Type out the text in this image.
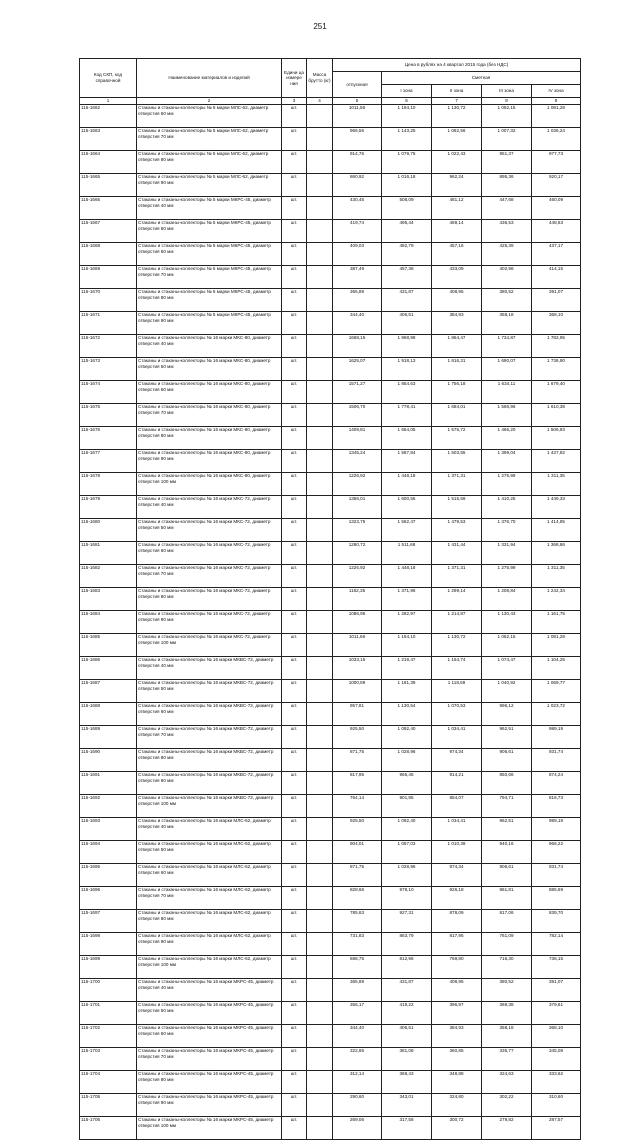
251
Код СКП, код справочной	Наименование материалов и изделий	Едини ца измере ния	Масса брутто (кг)	Цена в рублях на 4 квартал 2015 года (без НДС)				
				отпускная	Сметная			
					I зона	II зона	III зона	IV зона
1	2	3	4	5	6	7	8	9
115-1662	Стаканы и стаканы-коллекторы № 5 марки МЛС-62, диаметр отверстия 60 мм	шт.		1011,56	1 194,10	1 130,72	1 052,15	1 081,28
115-1663	Стаканы и стаканы-коллекторы № 5 марки МЛС-62, диаметр отверстия 70 мм	шт.		966,56	1 143,25	1 082,56	1 007,32	1 036,24
115-1664	Стаканы и стаканы-коллекторы № 5 марки МЛС-62, диаметр отверстия 80 мм	шт.		914,76	1 079,75	1 022,43	951,37	977,73
115-1665	Стаканы и стаканы-коллекторы № 5 марки МЛС-62, диаметр отверстия 90 мм	шт.		860,92	1 016,18	962,24	895,36	920,17
115-1666	Стаканы и стаканы-коллекторы № 5 марки МКРС-45, диаметр отверстия 40 мм	шт.		430,46	508,09	481,12	447,68	460,09
115-1667	Стаканы и стаканы-коллекторы № 5 марки МКРС-45, диаметр отверстия 50 мм	шт.		419,74	495,44	469,14	436,53	448,63
115-1668	Стаканы и стаканы-коллекторы № 5 марки МКРС-45, диаметр отверстия 60 мм	шт.		409,03	482,79	457,16	425,39	437,17
115-1669	Стаканы и стаканы-коллекторы № 5 марки МКРС-45, диаметр отверстия 70 мм	шт.		387,49	457,38	433,09	402,98	414,15
115-1670	Стаканы и стаканы-коллекторы № 5 марки МКРС-45, диаметр отверстия 80 мм	шт.		365,89	431,87	408,95	380,52	391,07
115-1671	Стаканы и стаканы-коллекторы № 5 марки МКРС-45, диаметр отверстия 90 мм	шт.		344,40	406,51	384,93	358,18	368,10
115-1672	Стаканы и стаканы-коллекторы № 16 марки МКС-80, диаметр отверстия 40 мм	шт.		1668,15	1 968,98	1 864,47	1 734,87	1 782,95
115-1673	Стаканы и стаканы-коллекторы № 16 марки МКС-80, диаметр отверстия 50 мм	шт.		1625,07	1 918,13	1 816,31	1 690,07	1 736,90
115-1674	Стаканы и стаканы-коллекторы № 16 марки МКС-80, диаметр отверстия 60 мм	шт.		1571,27	1 854,63	1 756,18	1 634,11	1 679,40
115-1675	Стаканы и стаканы-коллекторы № 16 марки МКС-80, диаметр отверстия 70 мм	шт.		1506,70	1 778,41	1 684,01	1 566,96	1 610,38
115-1676	Стаканы и стаканы-коллекторы № 16 марки МКС-80, диаметр отверстия 80 мм	шт.		1409,81	1 664,05	1 575,72	1 466,20	1 506,83
115-1677	Стаканы и стаканы-коллекторы № 16 марки МКС-80, диаметр отверстия 90 мм	шт.		1345,24	1 587,84	1 503,55	1 399,04	1 437,82
115-1678	Стаканы и стаканы-коллекторы № 16 марки МКС-80, диаметр отверстия 100 мм	шт.		1226,92	1 448,18	1 371,31	1 275,99	1 311,35
115-1679	Стаканы и стаканы-коллекторы № 16 марки МКС-72, диаметр отверстия 40 мм	шт.		1356,01	1 600,55	1 515,59	1 410,25	1 449,33
115-1680	Стаканы и стаканы-коллекторы № 16 марки МКС-72, диаметр отверстия 50 мм	шт.		1323,75	1 562,47	1 479,53	1 376,70	1 414,85
115-1681	Стаканы и стаканы-коллекторы № 16 марки МКС-72, диаметр отверстия 60 мм	шт.		1280,72	1 511,68	1 431,44	1 331,94	1 368,86
115-1682	Стаканы и стаканы-коллекторы № 16 марки МКС-72, диаметр отверстия 70 мм	шт.		1226,92	1 448,18	1 371,31	1 275,99	1 311,35
115-1683	Стаканы и стаканы-коллекторы № 16 марки МКС-72, диаметр отверстия 80 мм	шт.		1162,35	1 371,96	1 299,14	1 208,84	1 242,34
115-1684	Стаканы и стаканы-коллекторы № 16 марки МКС-72, диаметр отверстия 90 мм	шт.		1086,95	1 282,97	1 214,87	1 130,43	1 161,75
115-1685	Стаканы и стаканы-коллекторы № 16 марки МКС-72, диаметр отверстия 100 мм	шт.		1011,66	1 194,10	1 130,72	1 052,15	1 081,28
115-1686	Стаканы и стаканы-коллекторы № 16 марки МКВС-72, диаметр отверстия 40 мм	шт.		1033,15	1 219,47	1 154,74	1 074,47	1 104,25
115-1687	Стаканы и стаканы-коллекторы № 16 марки МКВС-72, диаметр отверстия 50 мм	шт.		1000,89	1 181,39	1 118,68	1 040,92	1 069,77
115-1688	Стаканы и стаканы-коллекторы № 16 марки МКВС-72, диаметр отверстия 60 мм	шт.		957,81	1 130,54	1 070,53	996,12	1 023,72
115-1689	Стаканы и стаканы-коллекторы № 16 марки МКВС-72, диаметр отверстия 70 мм	шт.		925,50	1 092,40	1 034,41	962,51	989,19
115-1690	Стаканы и стаканы-коллекторы № 16 марки МКВС-72, диаметр отверстия 80 мм	шт.		871,75	1 028,96	974,34	906,61	931,74
115-1691	Стаканы и стаканы-коллекторы № 16 марки МКВС-72, диаметр отверстия 90 мм	шт.		817,95	965,45	914,21	850,66	874,24
115-1692	Стаканы и стаканы-коллекторы № 16 марки МКВС-72, диаметр отверстия 100 мм	шт.		764,14	901,95	854,07	794,71	816,73
115-1693	Стаканы и стаканы-коллекторы № 16 марки МЛС-62, диаметр отверстия 40 мм	шт.		925,50	1 092,40	1 034,41	962,51	989,19
115-1694	Стаканы и стаканы-коллекторы № 16 марки МЛС-62, диаметр отверстия 50 мм	шт.		904,01	1 067,03	1 010,39	940,16	966,22
115-1695	Стаканы и стаканы-коллекторы № 16 марки МЛС-62, диаметр отверстия 60 мм	шт.		871,75	1 028,96	974,34	906,61	931,74
115-1696	Стаканы и стаканы-коллекторы № 16 марки МЛС-62, диаметр отверстия 70 мм	шт.		828,66	978,10	926,18	861,81	885,69
115-1697	Стаканы и стаканы-коллекторы № 16 марки МЛС-62, диаметр отверстия 80 мм	шт.		785,63	927,31	878,09	817,06	839,70
115-1698	Стаканы и стаканы-коллекторы № 16 марки МЛС-62, диаметр отверстия 90 мм	шт.		731,83	863,79	817,95	761,09	782,14
115-1699	Стаканы и стаканы-коллекторы № 16 марки МЛС-62, диаметр отверстия 100 мм	шт.		688,75	812,96	769,80	716,30	736,15
115-1700	Стаканы и стаканы-коллекторы № 16 марки МКРС-45, диаметр отверстия 40 мм	шт.		365,89	431,87	408,95	380,52	391,07
115-1701	Стаканы и стаканы-коллекторы № 16 марки МКРС-45, диаметр отверстия 50 мм	шт.		355,17	419,22	396,97	369,38	379,61
115-1702	Стаканы и стаканы-коллекторы № 16 марки МКРС-45, диаметр отверстия 60 мм	шт.		344,40	406,51	384,93	358,18	368,10
115-1703	Стаканы и стаканы-коллекторы № 16 марки МКРС-45, диаметр отверстия 70 мм	шт.		322,86	381,08	360,85	335,77	345,08
115-1704	Стаканы и стаканы-коллекторы № 16 марки МКРС-45, диаметр отверстия 80 мм	шт.		312,14	368,43	348,88	324,63	333,62
115-1705	Стаканы и стаканы-коллекторы № 16 марки МКРС-45, диаметр отверстия 90 мм	шт.		290,60	343,01	324,80	302,22	310,60
115-1706	Стаканы и стаканы-коллекторы № 16 марки МКРС-45, диаметр отверстия 100 мм	шт.		269,06	317,58	300,72	279,82	287,57
